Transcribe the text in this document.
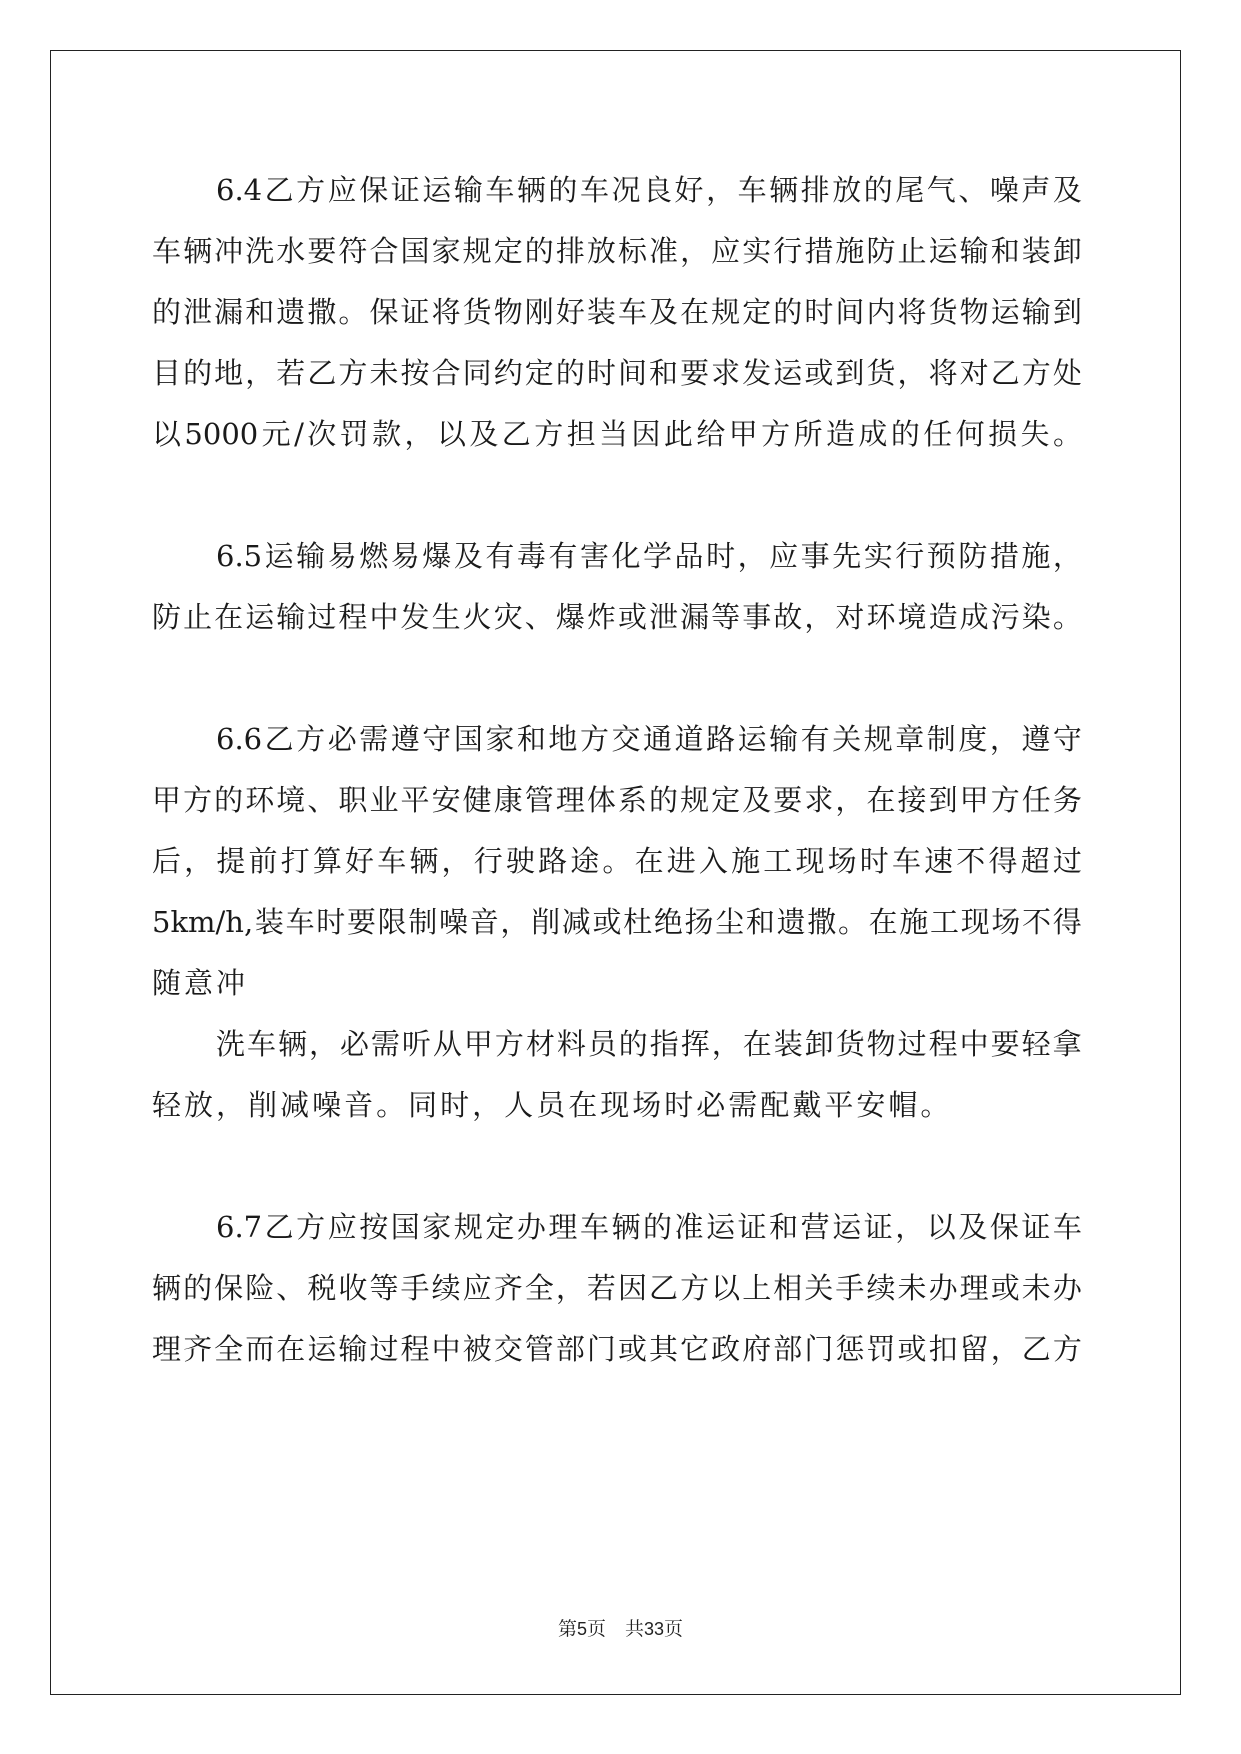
6.4 乙 方 应 保 证 运 输 车 辆 的 车 况 良 好 ， 车 辆 排 放 的 尾 气 、 噪 声 及
车 辆 冲 洗 水 要 符 合 国 家 规 定 的 排 放 标 准 ， 应 实 行 措 施 防 止 运 输 和 装 卸
的 泄 漏 和 遗 撒 。 保 证 将 货 物 刚 好 装 车 及 在 规 定 的 时 间 内 将 货 物 运 输 到
目 的 地 ， 若 乙 方 未 按 合 同 约 定 的 时 间 和 要 求 发 运 或 到 货 ， 将 对 乙 方 处
以 5000 元 / 次 罚 款 ， 以 及 乙 方 担 当 因 此 给 甲 方 所 造 成 的 任 何 损 失 。
6.5 运 输 易 燃 易 爆 及 有 毒 有 害 化 学 品 时 ， 应 事 先 实 行 预 防 措 施 ，
防 止 在 运 输 过 程 中 发 生 火 灾 、 爆 炸 或 泄 漏 等 事 故 ， 对 环 境 造 成 污 染 。
6.6 乙 方 必 需 遵 守 国 家 和 地 方 交 通 道 路 运 输 有 关 规 章 制 度 ， 遵 守
甲 方 的 环 境 、 职 业 平 安 健 康 管 理 体 系 的 规 定 及 要 求 ， 在 接 到 甲 方 任 务
后 ， 提 前 打 算 好 车 辆 ， 行 驶 路 途 。 在 进 入 施 工 现 场 时 车 速 不 得 超 过
5km/h, 装 车 时 要 限 制 噪 音 ， 削 减 或 杜 绝 扬 尘 和 遗 撒 。 在 施 工 现 场 不 得
随 意 冲
洗 车 辆 ， 必 需 听 从 甲 方 材 料 员 的 指 挥 ， 在 装 卸 货 物 过 程 中 要 轻 拿
轻 放 ， 削 减 噪 音 。 同 时 ， 人 员 在 现 场 时 必 需 配 戴 平 安 帽 。
6.7 乙 方 应 按 国 家 规 定 办 理 车 辆 的 准 运 证 和 营 运 证 ， 以 及 保 证 车
辆 的 保 险 、 税 收 等 手 续 应 齐 全 ， 若 因 乙 方 以 上 相 关 手 续 未 办 理 或 未 办
理 齐 全 而 在 运 输 过 程 中 被 交 管 部 门 或 其 它 政 府 部 门 惩 罚 或 扣 留 ， 乙 方
第5页　共33页
